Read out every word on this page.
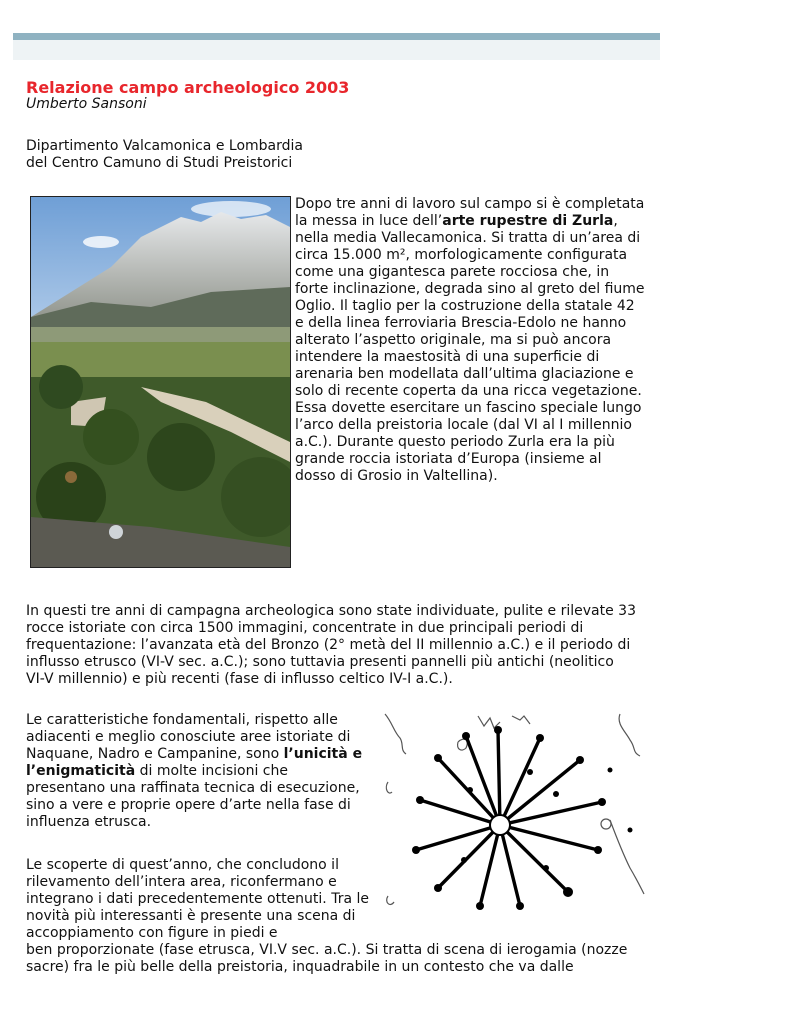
Relazione campo archeologico 2003
Umberto Sansoni
Dipartimento Valcamonica e Lombardia
del Centro Camuno di Studi Preistorici

Dopo tre anni di lavoro sul campo si è completata la messa in luce dell’arte rupestre di Zurla, nella media Vallecamonica. Si tratta di un’area di circa 15.000 m², morfologicamente configurata come una gigantesca parete rocciosa che, in forte inclinazione, degrada sino al greto del fiume Oglio. Il taglio per la costruzione della statale 42 e della linea ferroviaria Brescia-Edolo ne hanno alterato l’aspetto originale, ma si può ancora intendere la maestosità di una superficie di arenaria ben modellata dall’ultima glaciazione e solo di recente coperta da una ricca vegetazione. Essa dovette esercitare un fascino speciale lungo l’arco della preistoria locale (dal VI al I millennio a.C.). Durante questo periodo Zurla era la più grande roccia istoriata d’Europa (insieme al dosso di Grosio in Valtellina).

In questi tre anni di campagna archeologica sono state individuate, pulite e rilevate 33 rocce istoriate con circa 1500 immagini, concentrate in due principali periodi di frequentazione: l’avanzata età del Bronzo (2° metà del II millennio a.C.) e il periodo di influsso etrusco (VI-V sec. a.C.); sono tuttavia presenti pannelli più antichi (neolitico VI-V millennio) e più recenti (fase di influsso celtico IV-I a.C.).

Le caratteristiche fondamentali, rispetto alle adiacenti e meglio conosciute aree istoriate di Naquane, Nadro e Campanine, sono l’unicità e l’enigmaticità di molte incisioni che presentano una raffinata tecnica di esecuzione, sino a vere e proprie opere d’arte nella fase di influenza etrusca.

Le scoperte di quest’anno, che concludono il rilevamento dell’intera area, riconfermano e integrano i dati precedentemente ottenuti. Tra le novità più interessanti è presente una scena di accoppiamento con figure in piedi e

ben proporzionate (fase etrusca, VI.V sec. a.C.). Si tratta di scena di ierogamia (nozze sacre) fra le più belle della preistoria, inquadrabile in un contesto che va dalle
